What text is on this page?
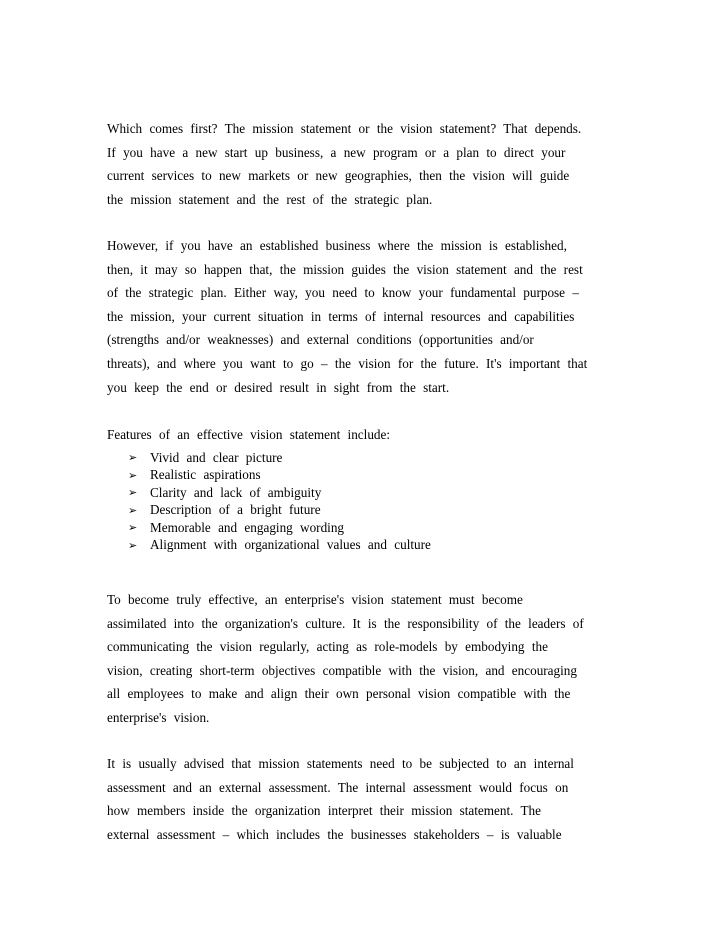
Which comes first? The mission statement or the vision statement? That depends.
If you have a new start up business, a new program or a plan to direct your
current services to new markets or new geographies, then the vision will guide
the mission statement and the rest of the strategic plan.

However, if you have an established business where the mission is established,
then, it may so happen that, the mission guides the vision statement and the rest
of the strategic plan. Either way, you need to know your fundamental purpose –
the mission, your current situation in terms of internal resources and capabilities
(strengths and/or weaknesses) and external conditions (opportunities and/or
threats), and where you want to go – the vision for the future. It's important that
you keep the end or desired result in sight from the start.

Features of an effective vision statement include:

➢ Vivid and clear picture
➢ Realistic aspirations
➢ Clarity and lack of ambiguity
➢ Description of a bright future
➢ Memorable and engaging wording
➢ Alignment with organizational values and culture

To become truly effective, an enterprise's vision statement must become
assimilated into the organization's culture. It is the responsibility of the leaders of
communicating the vision regularly, acting as role-models by embodying the
vision, creating short-term objectives compatible with the vision, and encouraging
all employees to make and align their own personal vision compatible with the
enterprise's vision.

It is usually advised that mission statements need to be subjected to an internal
assessment and an external assessment. The internal assessment would focus on
how members inside the organization interpret their mission statement. The
external assessment – which includes the businesses stakeholders – is valuable
